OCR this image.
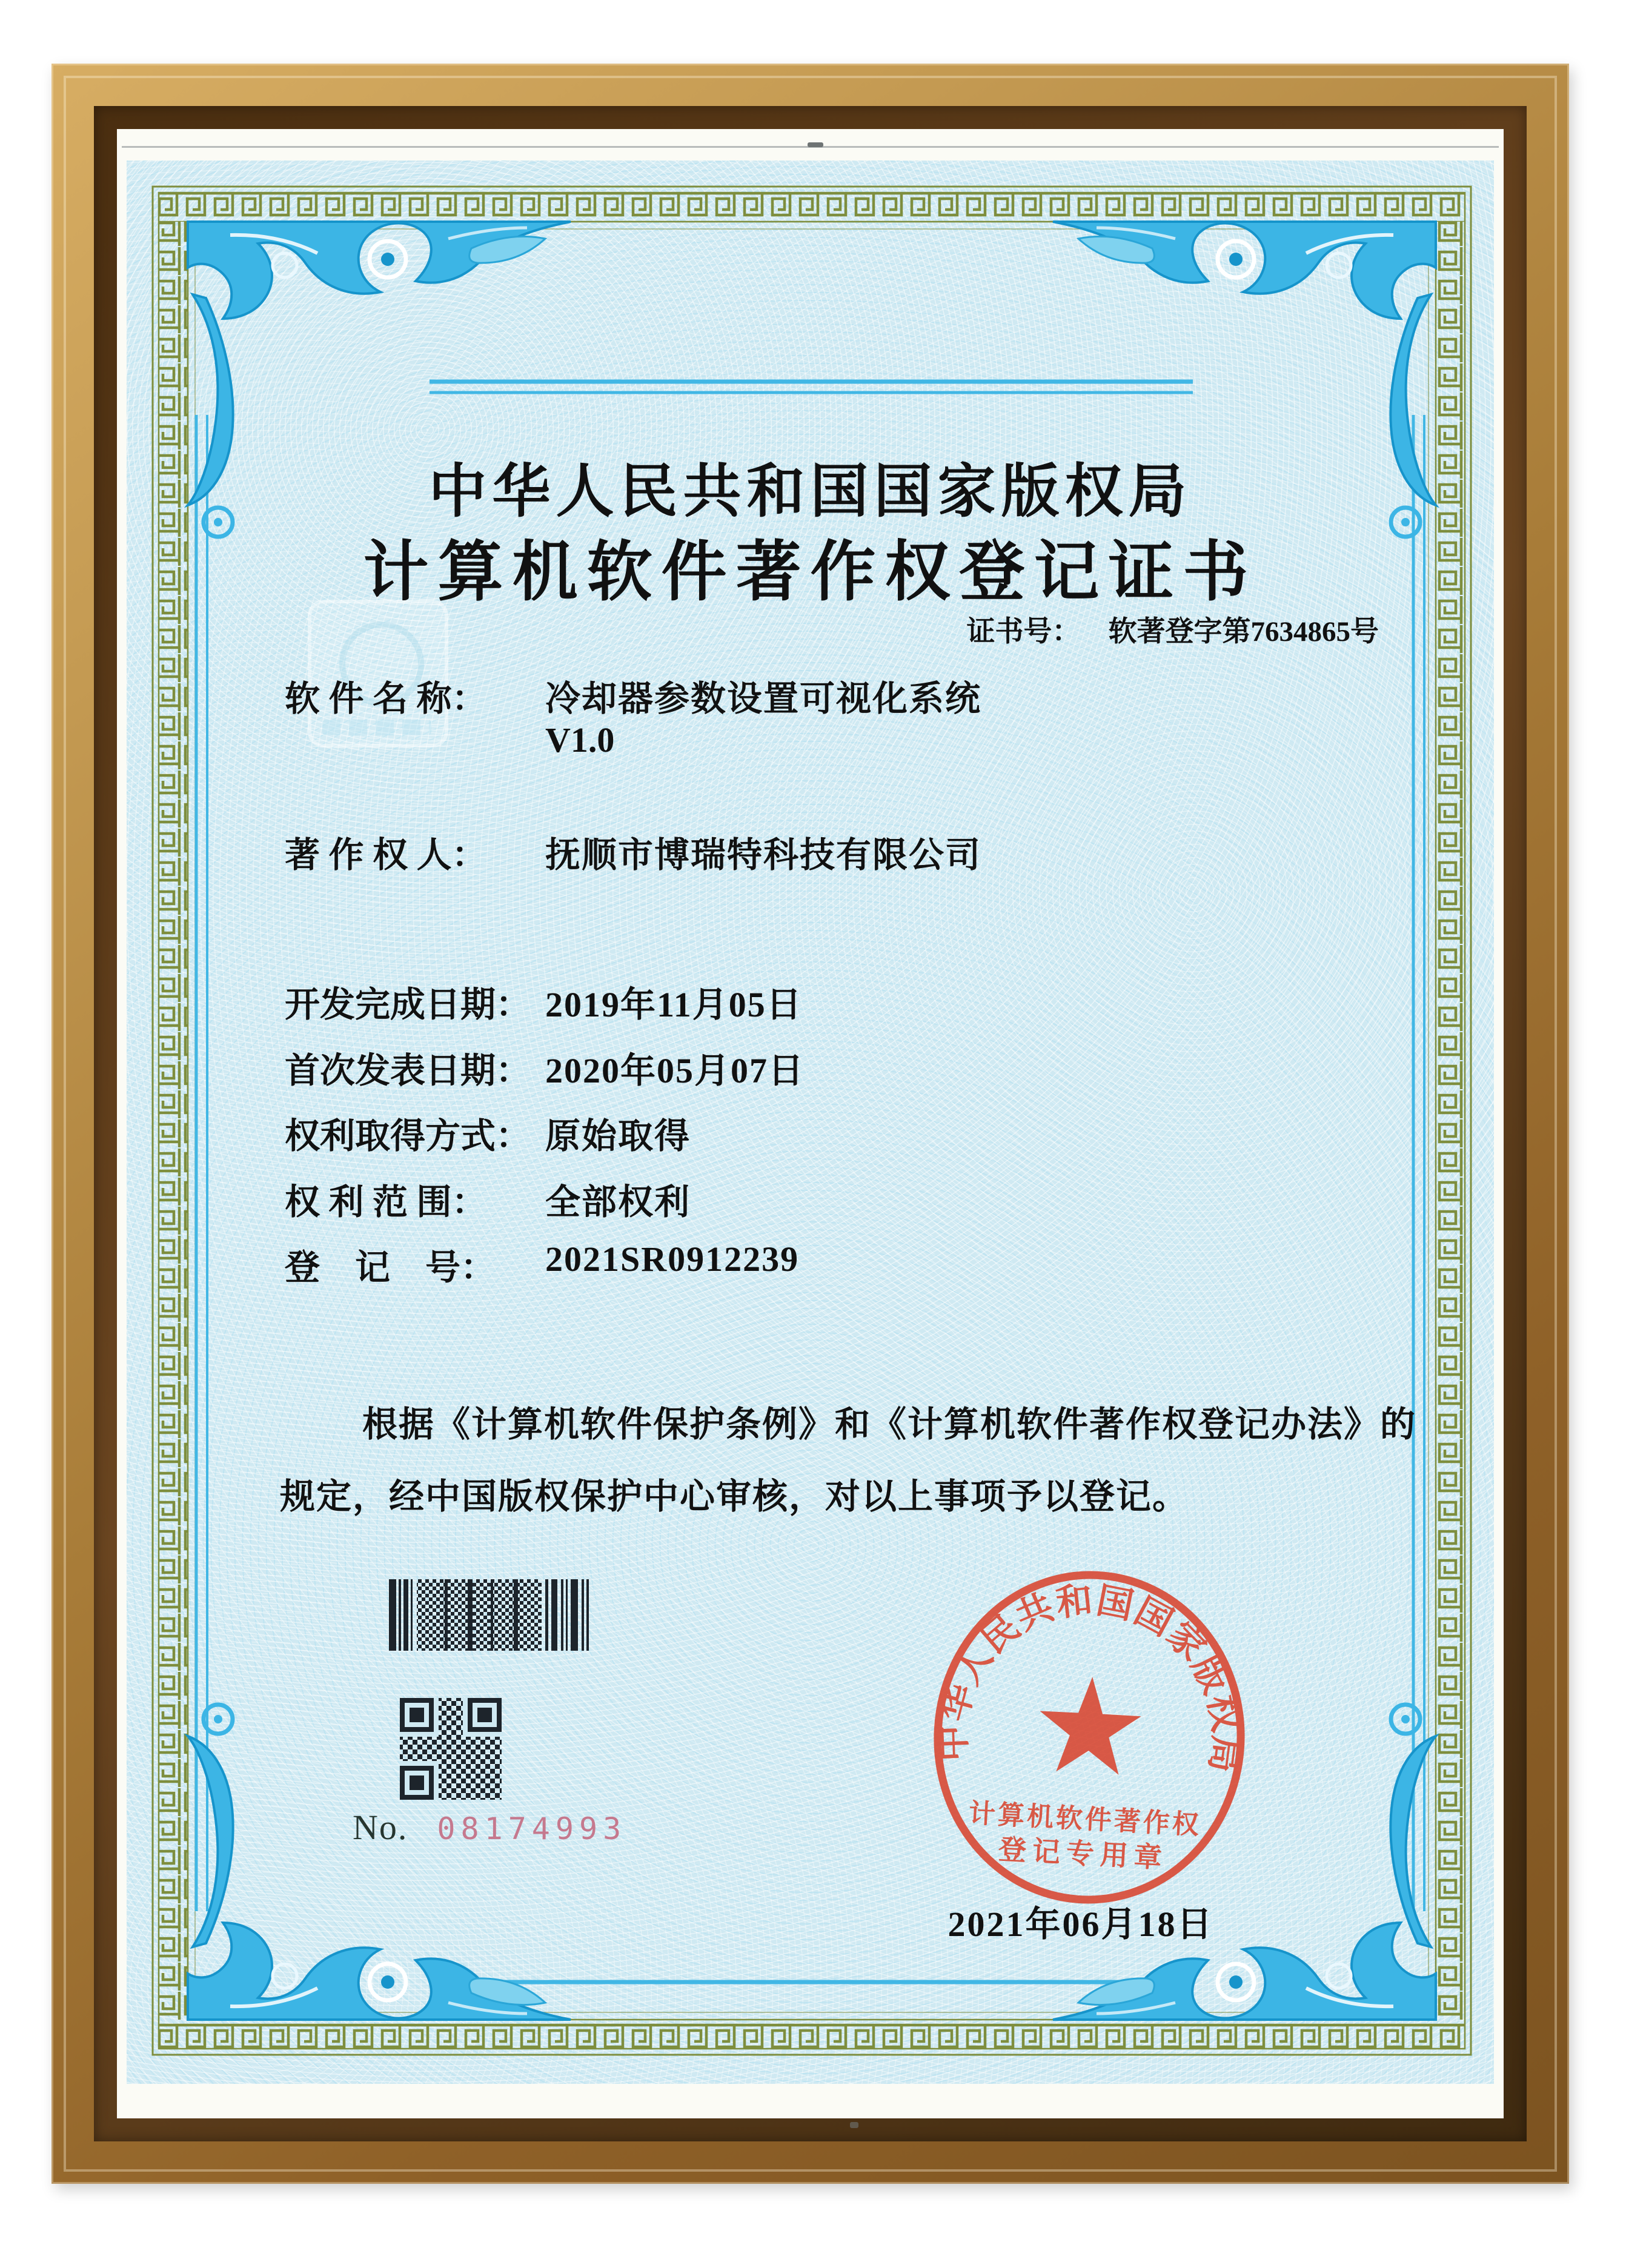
中华人民共和国国家版权局
计算机软件著作权登记证书
证书号： 软著登字第7634865号
软 件 名 称： 冷却器参数设置可视化系统
V1.0
著 作 权 人： 抚顺市博瑞特科技有限公司
开发完成日期： 2019年11月05日
首次发表日期： 2020年05月07日
权利取得方式： 原始取得
权 利 范 围： 全部权利
登　记　号： 2021SR0912239
根据《计算机软件保护条例》和《计算机软件著作权登记办法》的
规定，经中国版权保护中心审核，对以上事项予以登记。
No. 08174993
中华人民共和国国家版权局
计算机软件著作权
登记专用章
2021年06月18日
